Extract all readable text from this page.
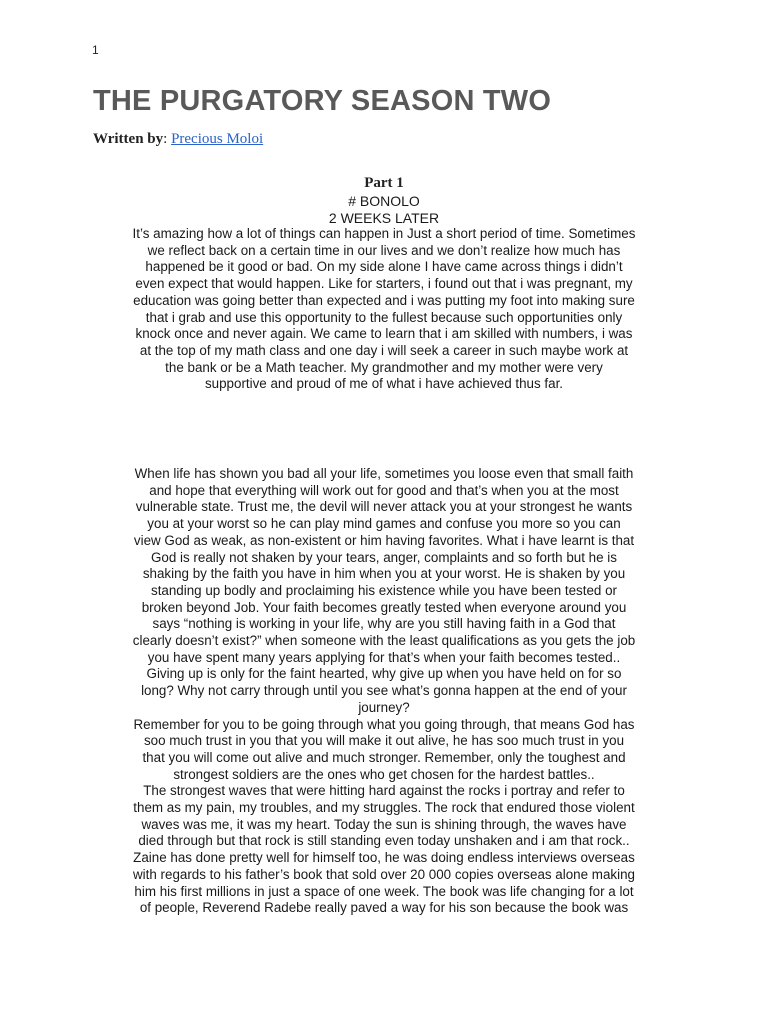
1
THE PURGATORY SEASON TWO
Written by: Precious Moloi
Part 1
# BONOLO
2 WEEKS LATER
It’s amazing how a lot of things can happen in Just a short period of time. Sometimes
we reflect back on a certain time in our lives and we don’t realize how much has
happened be it good or bad. On my side alone I have came across things i didn’t
even expect that would happen. Like for starters, i found out that i was pregnant, my
education was going better than expected and i was putting my foot into making sure
that i grab and use this opportunity to the fullest because such opportunities only
knock once and never again. We came to learn that i am skilled with numbers, i was
at the top of my math class and one day i will seek a career in such maybe work at
the bank or be a Math teacher. My grandmother and my mother were very
supportive and proud of me of what i have achieved thus far.
When life has shown you bad all your life, sometimes you loose even that small faith
and hope that everything will work out for good and that’s when you at the most
vulnerable state. Trust me, the devil will never attack you at your strongest he wants
you at your worst so he can play mind games and confuse you more so you can
view God as weak, as non-existent or him having favorites. What i have learnt is that
God is really not shaken by your tears, anger, complaints and so forth but he is
shaking by the faith you have in him when you at your worst. He is shaken by you
standing up bodly and proclaiming his existence while you have been tested or
broken beyond Job. Your faith becomes greatly tested when everyone around you
says “nothing is working in your life, why are you still having faith in a God that
clearly doesn’t exist?” when someone with the least qualifications as you gets the job
you have spent many years applying for that’s when your faith becomes tested..
Giving up is only for the faint hearted, why give up when you have held on for so
long? Why not carry through until you see what’s gonna happen at the end of your
journey?
Remember for you to be going through what you going through, that means God has
soo much trust in you that you will make it out alive, he has soo much trust in you
that you will come out alive and much stronger. Remember, only the toughest and
strongest soldiers are the ones who get chosen for the hardest battles..
The strongest waves that were hitting hard against the rocks i portray and refer to
them as my pain, my troubles, and my struggles. The rock that endured those violent
waves was me, it was my heart. Today the sun is shining through, the waves have
died through but that rock is still standing even today unshaken and i am that rock..
Zaine has done pretty well for himself too, he was doing endless interviews overseas
with regards to his father’s book that sold over 20 000 copies overseas alone making
him his first millions in just a space of one week. The book was life changing for a lot
of people, Reverend Radebe really paved a way for his son because the book was
